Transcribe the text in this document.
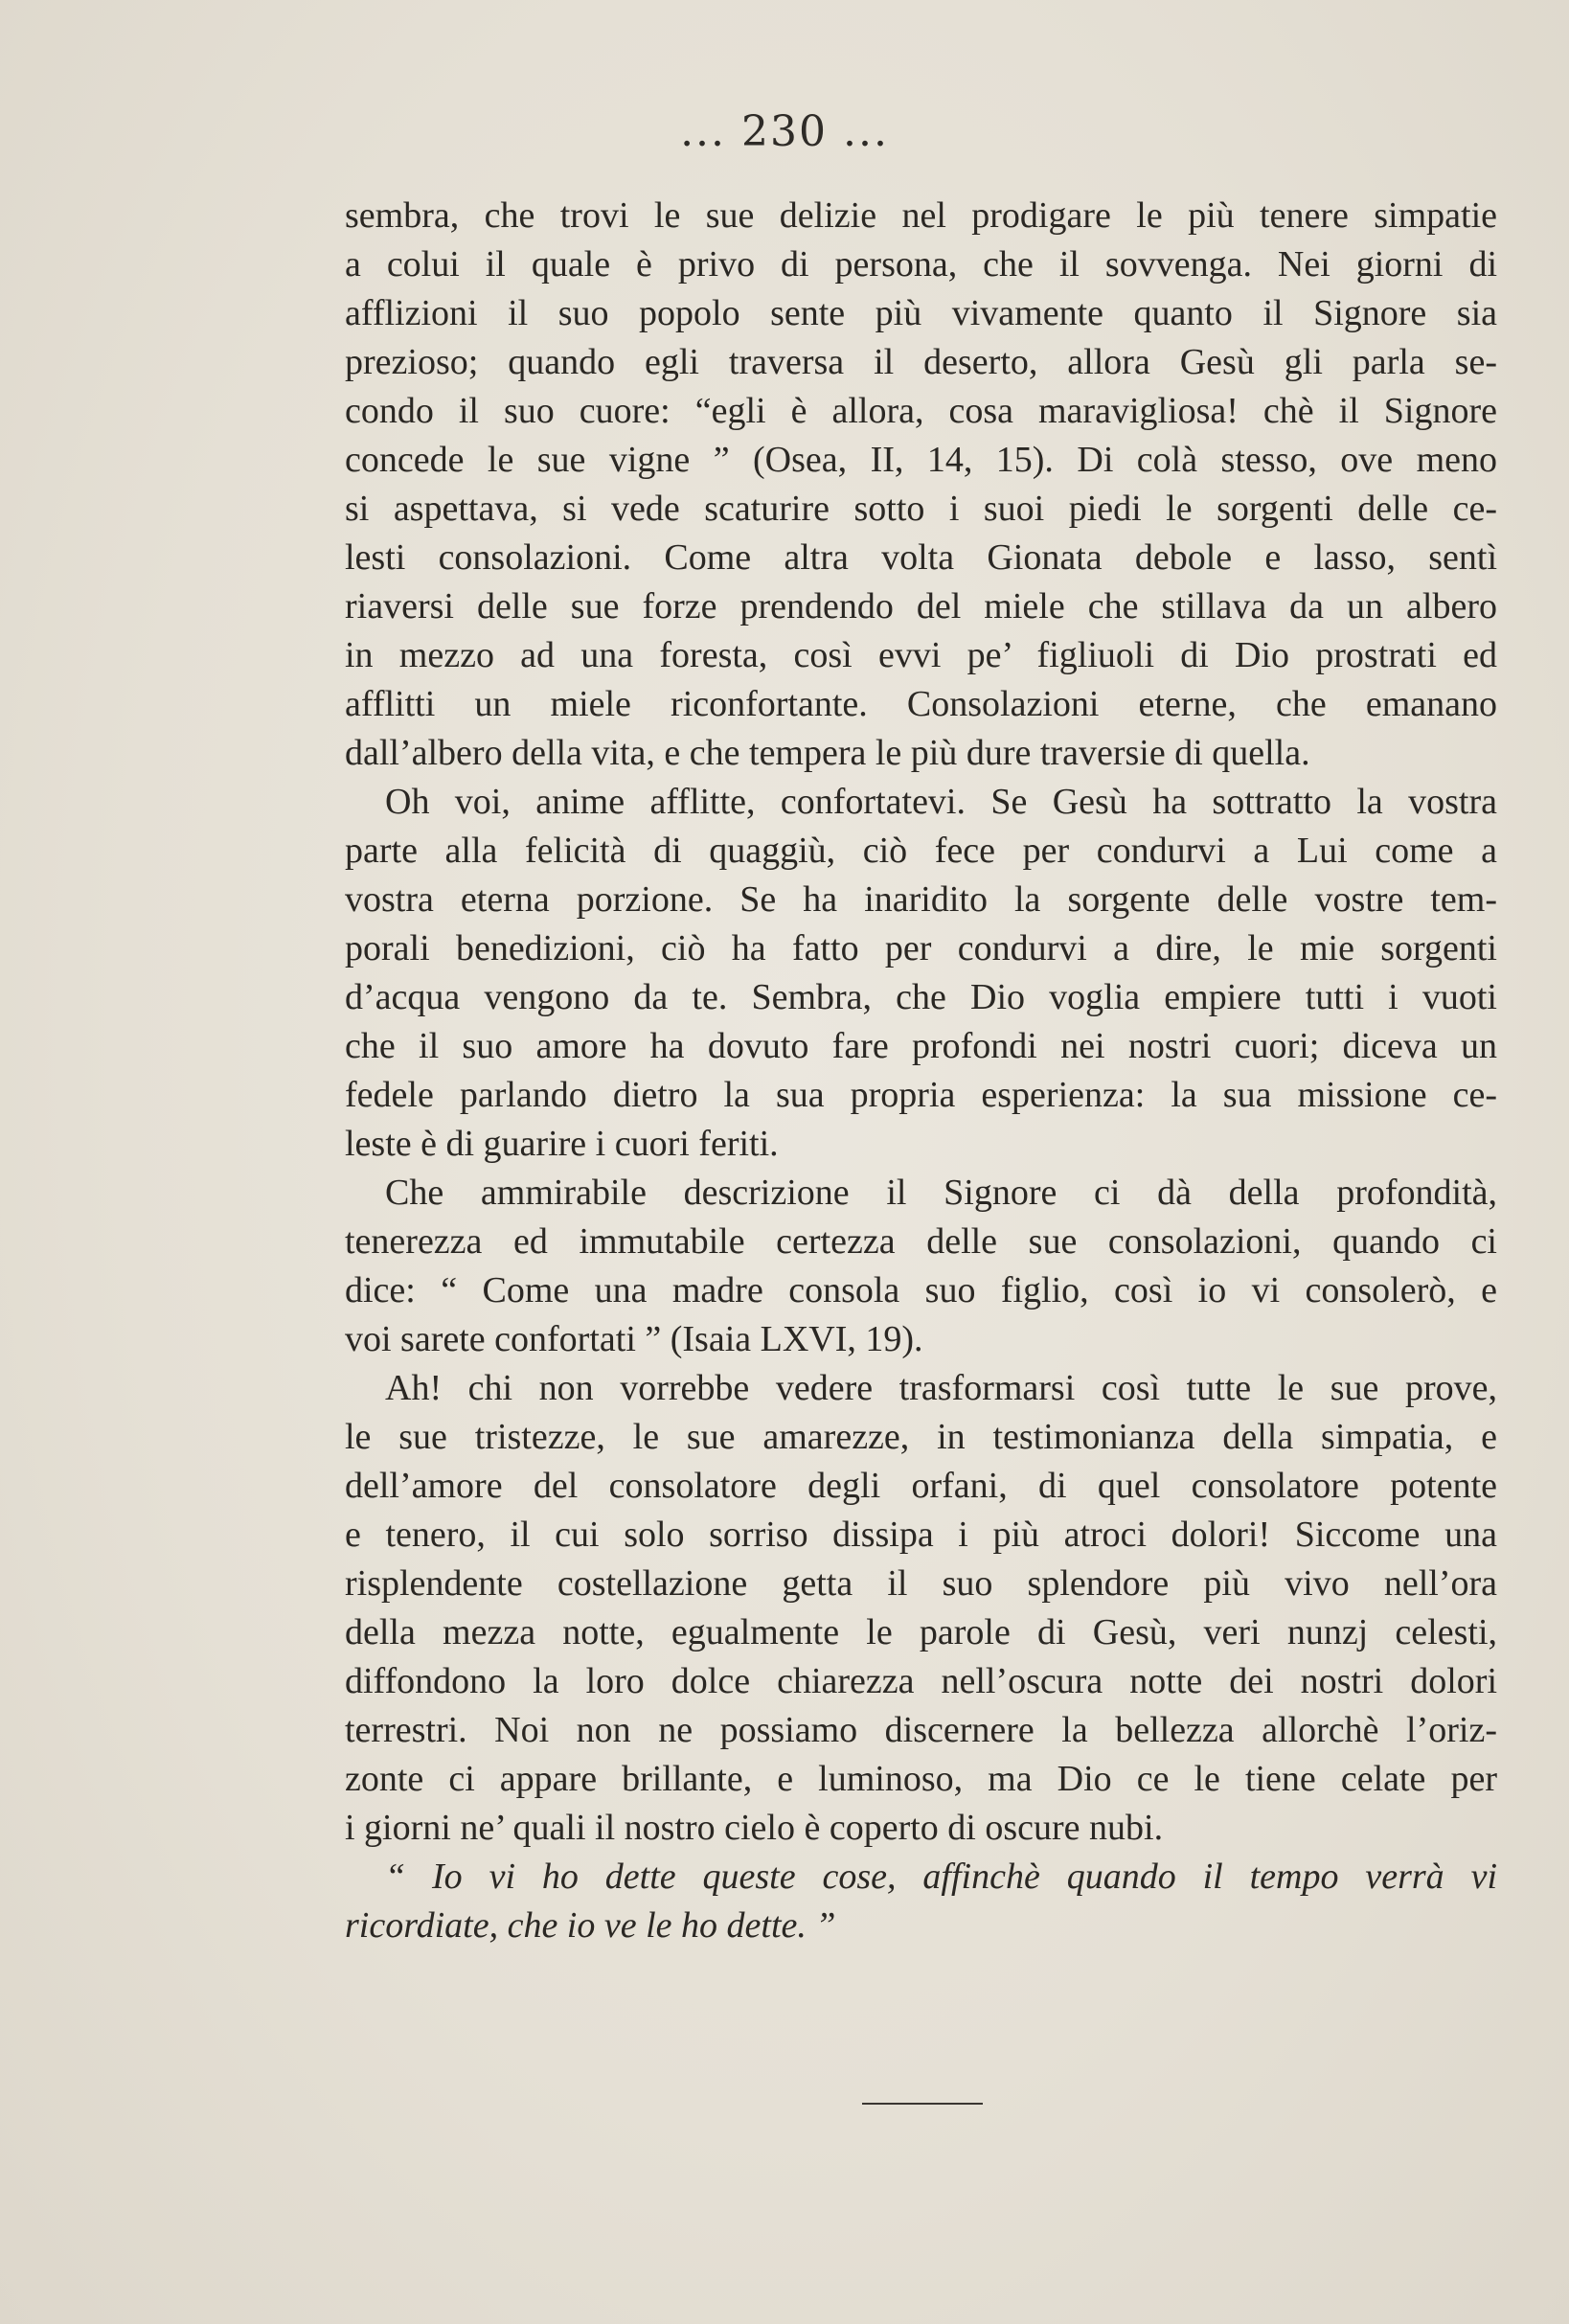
... 230 ...

sembra, che trovi le sue delizie nel prodigare le più tenere simpatie
a colui il quale è privo di persona, che il sovvenga. Nei giorni di
afflizioni il suo popolo sente più vivamente quanto il Signore sia
prezioso; quando egli traversa il deserto, allora Gesù gli parla se-
condo il suo cuore: “egli è allora, cosa maravigliosa! chè il Signore
concede le sue vigne ” (Osea, II, 14, 15). Di colà stesso, ove meno
si aspettava, si vede scaturire sotto i suoi piedi le sorgenti delle ce-
lesti consolazioni. Come altra volta Gionata debole e lasso, sentì
riaversi delle sue forze prendendo del miele che stillava da un albero
in mezzo ad una foresta, così evvi pe’ figliuoli di Dio prostrati ed
afflitti un miele riconfortante. Consolazioni eterne, che emanano
dall’albero della vita, e che tempera le più dure traversie di quella.

Oh voi, anime afflitte, confortatevi. Se Gesù ha sottratto la vostra
parte alla felicità di quaggiù, ciò fece per condurvi a Lui come a
vostra eterna porzione. Se ha inaridito la sorgente delle vostre tem-
porali benedizioni, ciò ha fatto per condurvi a dire, le mie sorgenti
d’acqua vengono da te. Sembra, che Dio voglia empiere tutti i vuoti
che il suo amore ha dovuto fare profondi nei nostri cuori; diceva un
fedele parlando dietro la sua propria esperienza: la sua missione ce-
leste è di guarire i cuori feriti.

Che ammirabile descrizione il Signore ci dà della profondità,
tenerezza ed immutabile certezza delle sue consolazioni, quando ci
dice: “ Come una madre consola suo figlio, così io vi consolerò, e
voi sarete confortati ” (Isaia LXVI, 19).

Ah! chi non vorrebbe vedere trasformarsi così tutte le sue prove,
le sue tristezze, le sue amarezze, in testimonianza della simpatia, e
dell’amore del consolatore degli orfani, di quel consolatore potente
e tenero, il cui solo sorriso dissipa i più atroci dolori! Siccome una
risplendente costellazione getta il suo splendore più vivo nell’ora
della mezza notte, egualmente le parole di Gesù, veri nunzj celesti,
diffondono la loro dolce chiarezza nell’oscura notte dei nostri dolori
terrestri. Noi non ne possiamo discernere la bellezza allorchè l’oriz-
zonte ci appare brillante, e luminoso, ma Dio ce le tiene celate per
i giorni ne’ quali il nostro cielo è coperto di oscure nubi.

“ Io vi ho dette queste cose, affinchè quando il tempo verrà vi
ricordiate, che io ve le ho dette. ”
